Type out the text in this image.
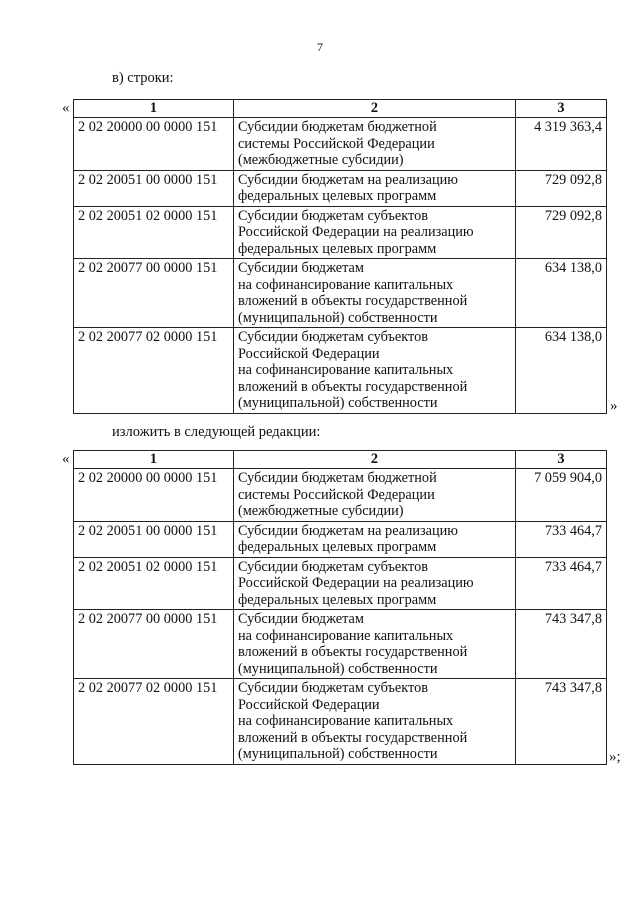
7
в) строки:
«	1	2	3
2 02 20000 00 0000 151	Субсидии бюджетам бюджетной
системы Российской Федерации
(межбюджетные субсидии)	4 319 363,4
2 02 20051 00 0000 151	Субсидии бюджетам на реализацию
федеральных целевых программ	729 092,8
2 02 20051 02 0000 151	Субсидии бюджетам субъектов
Российской Федерации на реализацию
федеральных целевых программ	729 092,8
2 02 20077 00 0000 151	Субсидии бюджетам
на софинансирование капитальных
вложений в объекты государственной
(муниципальной) собственности	634 138,0
2 02 20077 02 0000 151	Субсидии бюджетам субъектов
Российской Федерации
на софинансирование капитальных
вложений в объекты государственной
(муниципальной) собственности	634 138,0
»
изложить в следующей редакции:
«	1	2	3
2 02 20000 00 0000 151	Субсидии бюджетам бюджетной
системы Российской Федерации
(межбюджетные субсидии)	7 059 904,0
2 02 20051 00 0000 151	Субсидии бюджетам на реализацию
федеральных целевых программ	733 464,7
2 02 20051 02 0000 151	Субсидии бюджетам субъектов
Российской Федерации на реализацию
федеральных целевых программ	733 464,7
2 02 20077 00 0000 151	Субсидии бюджетам
на софинансирование капитальных
вложений в объекты государственной
(муниципальной) собственности	743 347,8
2 02 20077 02 0000 151	Субсидии бюджетам субъектов
Российской Федерации
на софинансирование капитальных
вложений в объекты государственной
(муниципальной) собственности	743 347,8
»;
